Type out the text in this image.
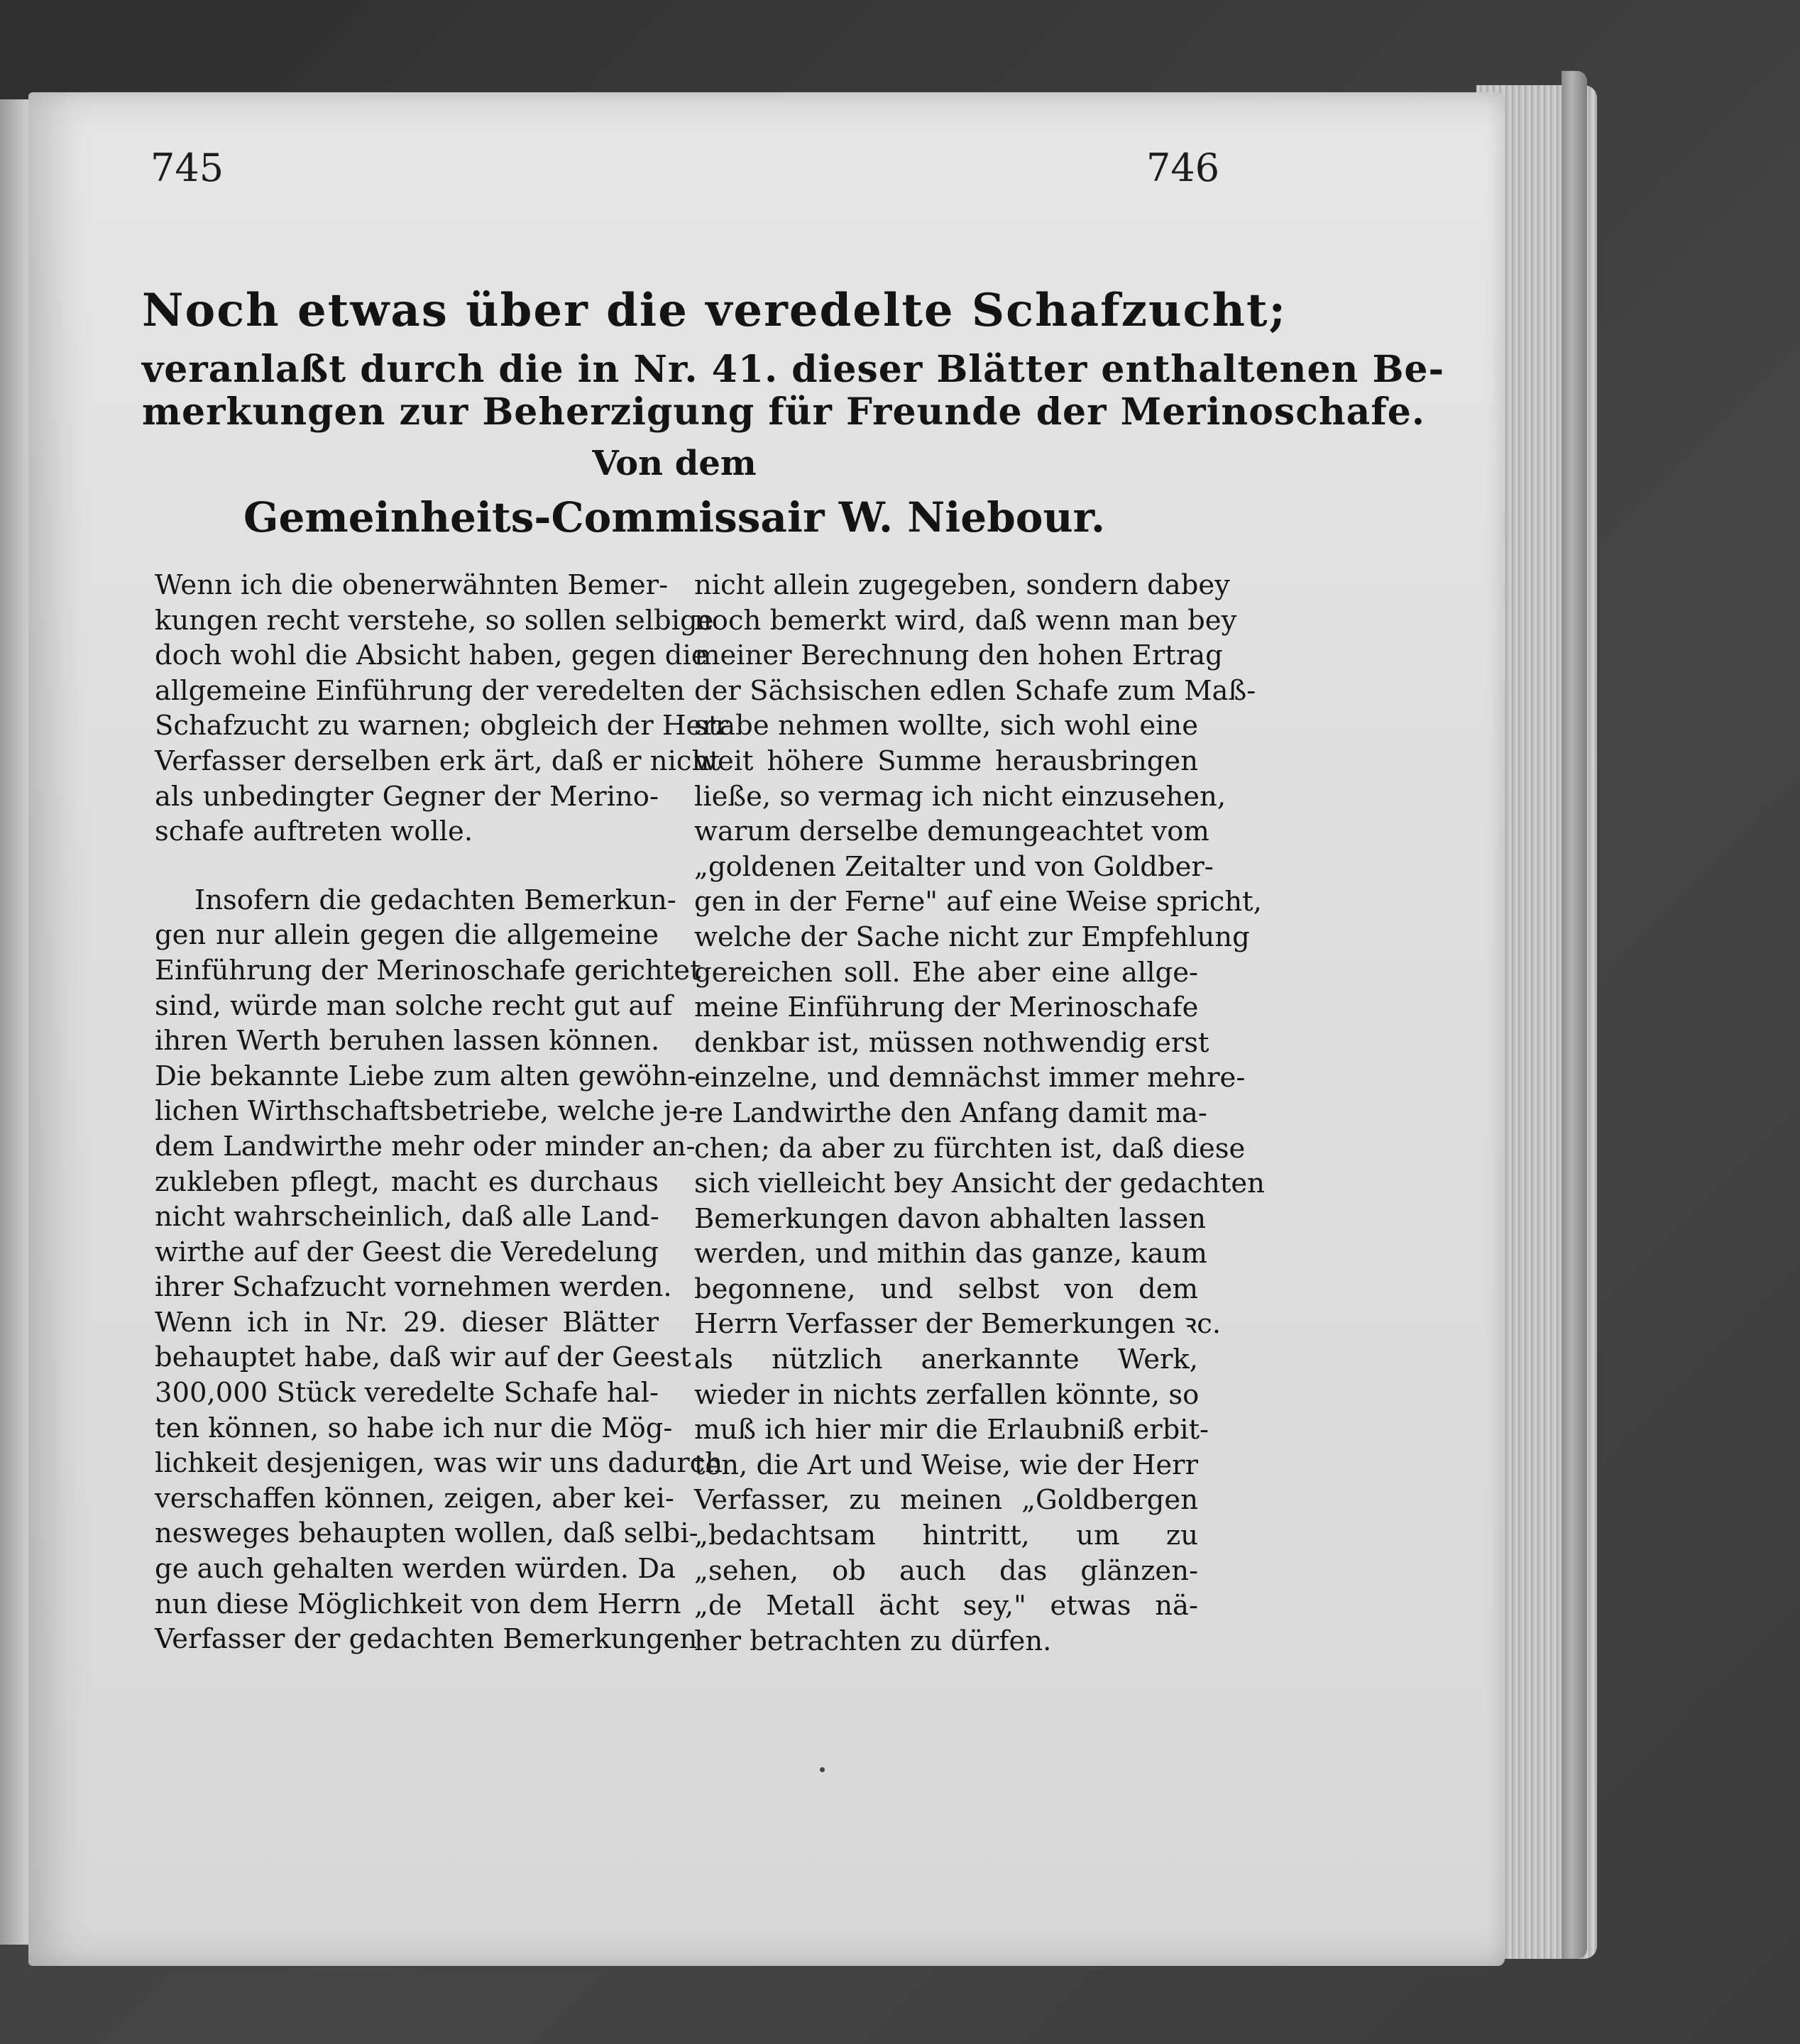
745	746
Noch etwas über die veredelte Schafzucht;
veranlaßt durch die in Nr. 41. dieser Blätter enthaltenen Be-
merkungen zur Beherzigung für Freunde der Merinoschafe.
Von dem
Gemeinheits-Commissair W. Niebour.
Wenn ich die obenerwähnten Bemer-
kungen recht verstehe, so sollen selbige
doch wohl die Absicht haben, gegen die
allgemeine Einführung der veredelten
Schafzucht zu warnen; obgleich der Herr
Verfasser derselben erk ärt, daß er nicht
als unbedingter Gegner der Merino-
schafe auftreten wolle.
Insofern die gedachten Bemerkun-
gen nur allein gegen die allgemeine
Einführung der Merinoschafe gerichtet
sind, würde man solche recht gut auf
ihren Werth beruhen lassen können.
Die bekannte Liebe zum alten gewöhn-
lichen Wirthschaftsbetriebe, welche je-
dem Landwirthe mehr oder minder an-
zukleben pflegt, macht es durchaus
nicht wahrscheinlich, daß alle Land-
wirthe auf der Geest die Veredelung
ihrer Schafzucht vornehmen werden.
Wenn ich in Nr. 29. dieser Blätter
behauptet habe, daß wir auf der Geest
300,000 Stück veredelte Schafe hal-
ten können, so habe ich nur die Mög-
lichkeit desjenigen, was wir uns dadurch
verschaffen können, zeigen, aber kei-
nesweges behaupten wollen, daß selbi-
ge auch gehalten werden würden. Da
nun diese Möglichkeit von dem Herrn
Verfasser der gedachten Bemerkungen
nicht allein zugegeben, sondern dabey
noch bemerkt wird, daß wenn man bey
meiner Berechnung den hohen Ertrag
der Sächsischen edlen Schafe zum Maß-
stabe nehmen wollte, sich wohl eine
weit höhere Summe herausbringen
ließe, so vermag ich nicht einzusehen,
warum derselbe demungeachtet vom
„goldenen Zeitalter und von Goldber-
gen in der Ferne" auf eine Weise spricht,
welche der Sache nicht zur Empfehlung
gereichen soll. Ehe aber eine allge-
meine Einführung der Merinoschafe
denkbar ist, müssen nothwendig erst
einzelne, und demnächst immer mehre-
re Landwirthe den Anfang damit ma-
chen; da aber zu fürchten ist, daß diese
sich vielleicht bey Ansicht der gedachten
Bemerkungen davon abhalten lassen
werden, und mithin das ganze, kaum
begonnene, und selbst von dem
Herrn Verfasser der Bemerkungen ꝛc.
als nützlich anerkannte Werk,
wieder in nichts zerfallen könnte, so
muß ich hier mir die Erlaubniß erbit-
ten, die Art und Weise, wie der Herr
Verfasser, zu meinen „Goldbergen
„bedachtsam hintritt, um zu
„sehen, ob auch das glänzen-
„de Metall ächt sey," etwas nä-
her betrachten zu dürfen.
